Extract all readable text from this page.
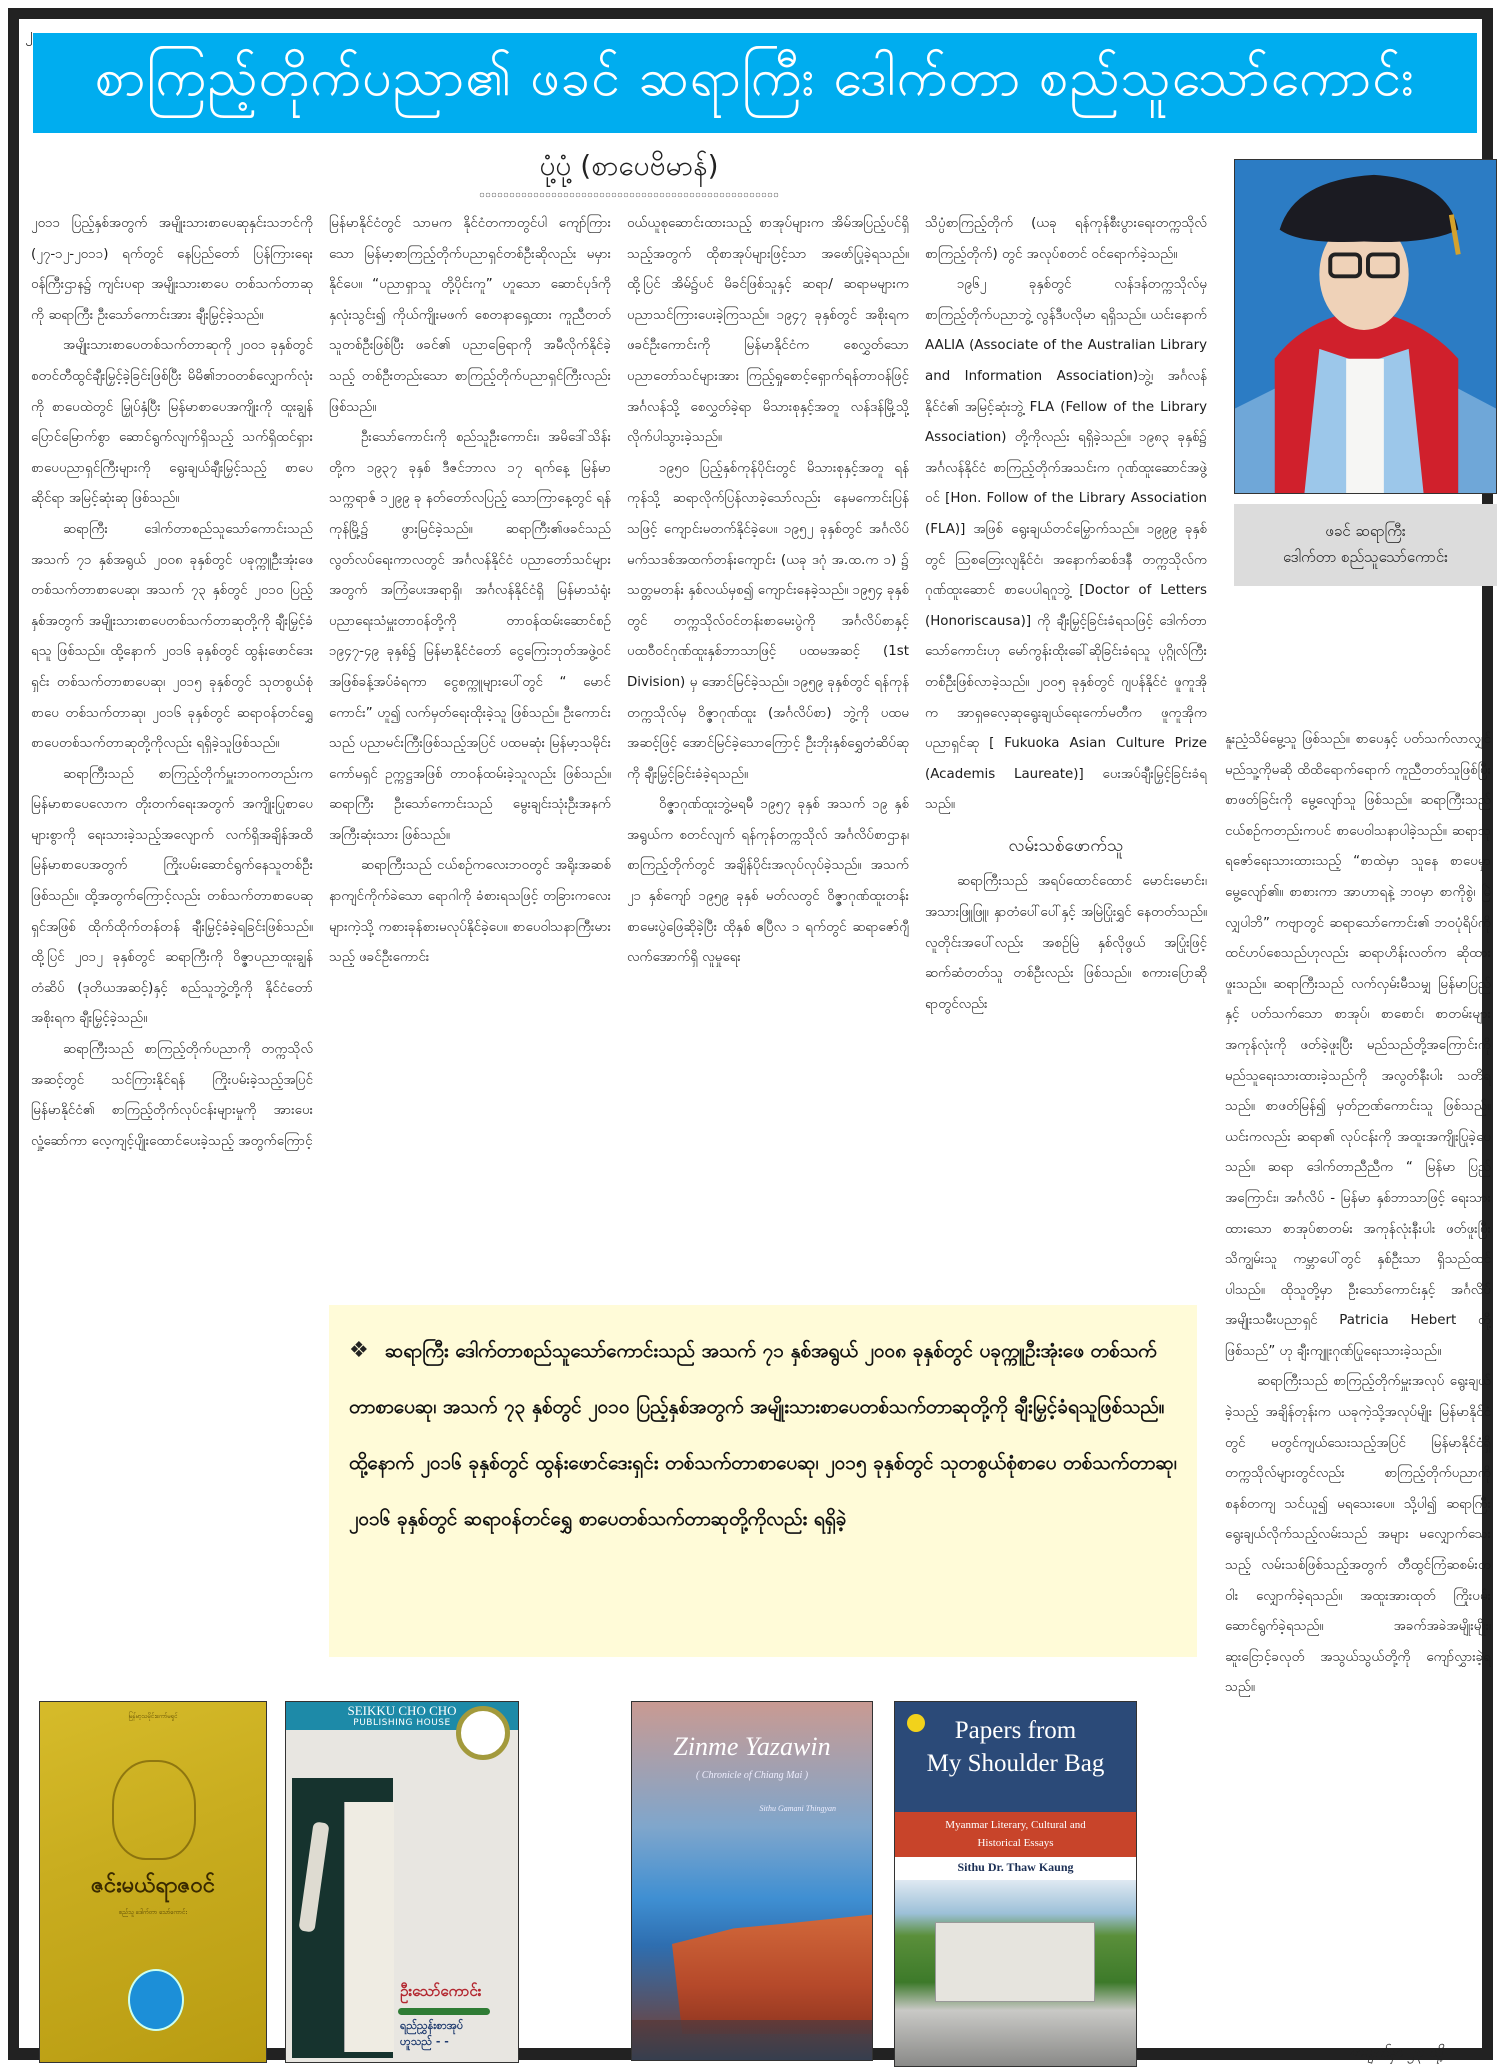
၂
စာကြည့်တိုက်ပညာ၏ ဖခင် ဆရာကြီး ဒေါက်တာ စည်သူသော်ကောင်း
ပုံ့ပုံ့ (စာပေဗိမာန်)

၂၀၁၁ ပြည့်နှစ်အတွက် အမျိုးသားစာပေဆုနှင်းသဘင်ကို (၂၇-၁၂-၂၀၁၁) ရက်တွင် နေပြည်တော် ပြန်ကြားရေးဝန်ကြီးဌာန၌ ကျင်းပရာ အမျိုးသားစာပေ တစ်သက်တာဆုကို ဆရာကြီး ဦးသော်ကောင်းအား ချီးမြှင့်ခဲ့သည်။

အမျိုးသားစာပေတစ်သက်တာဆုကို ၂၀၀၁ ခုနှစ်တွင် စတင်တီထွင်ချီးမြှင့်ခဲ့ခြင်းဖြစ်ပြီး မိမိ၏ဘဝတစ်လျှောက်လုံးကို စာပေထဲတွင် မြှုပ်နှံပြီး မြန်မာစာပေအကျိုးကို ထူးချွန်ပြောင်မြောက်စွာ ဆောင်ရွက်လျက်ရှိသည့် သက်ရှိထင်ရှား စာပေပညာရှင်ကြီးများကို ရွေးချယ်ချီးမြှင့်သည့် စာပေဆိုင်ရာ အမြင့်ဆုံးဆု ဖြစ်သည်။

ဆရာကြီး ဒေါက်တာစည်သူသော်ကောင်းသည် အသက် ၇၁ နှစ်အရွယ် ၂၀၀၈ ခုနှစ်တွင် ပခုက္ကူဦးအုံးဖေ တစ်သက်တာစာပေဆု၊ အသက် ၇၃ နှစ်တွင် ၂၀၁၀ ပြည့်နှစ်အတွက် အမျိုးသားစာပေတစ်သက်တာဆုတို့ကို ချီးမြှင့်ခံရသူ ဖြစ်သည်။ ထို့နောက် ၂၀၁၆ ခုနှစ်တွင် ထွန်းဖောင်ဒေးရှင်း တစ်သက်တာစာပေဆု၊ ၂၀၁၅ ခုနှစ်တွင် သုတစွယ်စုံစာပေ တစ်သက်တာဆု၊ ၂၀၁၆ ခုနှစ်တွင် ဆရာဝန်တင်ရွှေ စာပေတစ်သက်တာဆုတို့ကိုလည်း ရရှိခဲ့သူဖြစ်သည်။

ဆရာကြီးသည် စာကြည့်တိုက်မှူးဘဝကတည်းက မြန်မာစာပေလောက တိုးတက်ရေးအတွက် အကျိုးပြုစာပေများစွာကို ရေးသားခဲ့သည့်အလျောက် လက်ရှိအချိန်အထိ မြန်မာစာပေအတွက် ကြိုးပမ်းဆောင်ရွက်နေသူတစ်ဦး ဖြစ်သည်။ ထို့အတွက်ကြောင့်လည်း တစ်သက်တာစာပေဆုရှင်အဖြစ် ထိုက်ထိုက်တန်တန် ချီးမြှင့်ခံခဲ့ရခြင်းဖြစ်သည်။ ထို့ပြင် ၂၀၁၂ ခုနှစ်တွင် ဆရာကြီးကို ဝိဇ္ဇာပညာထူးချွန်တံဆိပ် (ဒုတိယအဆင့်)နှင့် စည်သူဘွဲ့တို့ကို နိုင်ငံတော်အစိုးရက ချီးမြှင့်ခဲ့သည်။

ဆရာကြီးသည် စာကြည့်တိုက်ပညာကို တက္ကသိုလ်အဆင့်တွင် သင်ကြားနိုင်ရန် ကြိုးပမ်းခဲ့သည့်အပြင် မြန်မာနိုင်ငံ၏ စာကြည့်တိုက်လုပ်ငန်းများမှုကို အားပေးလှုံ့ဆော်ကာ လေ့ကျင့်ပျိုးထောင်ပေးခဲ့သည့် အတွက်ကြောင့်

မြန်မာနိုင်ငံတွင် သာမက နိုင်ငံတကာတွင်ပါ ကျော်ကြားသော မြန်မာ့စာကြည့်တိုက်ပညာရှင်တစ်ဦးဆိုလည်း မမှားနိုင်ပေ။ “ပညာရှာသူ တို့ပိုင်းကူ” ဟူသော ဆောင်ပုဒ်ကို နှလုံးသွင်း၍ ကိုယ်ကျိုးမဖက် စေတနာရှေ့ထား ကူညီတတ်သူတစ်ဦးဖြစ်ပြီး ဖခင်၏ ပညာဓြေရာကို အမီလိုက်နိုင်ခဲ့သည့် တစ်ဦးတည်းသော စာကြည့်တိုက်ပညာရှင်ကြီးလည်း ဖြစ်သည်။

ဦးသော်ကောင်းကို စည်သူဦးကောင်း၊ အမိဒေါ်သိန်းတို့က ၁၉၃၇ ခုနှစ် ဒီဇင်ဘာလ ၁၇ ရက်နေ့ မြန်မာသက္ကရာဇ် ၁၂၉၉ ခု နတ်တော်လပြည့် သောကြာနေ့တွင် ရန်ကုန်မြို့၌ ဖွားမြင်ခဲ့သည်။ ဆရာကြီး၏ဖခင်သည် လွတ်လပ်ရေးကာလတွင် အင်္ဂလန်နိုင်ငံ ပညာတော်သင်များအတွက် အကြံပေးအရာရှိ၊ အင်္ဂလန်နိုင်ငံရှိ မြန်မာသံရုံးပညာရေးသံမှူးတာဝန်တို့ကို တာဝန်ထမ်းဆောင်စဉ် ၁၉၄၇-၄၉ ခုနှစ်၌ မြန်မာနိုင်ငံတော် ငွေကြေးဘုတ်အဖွဲ့ဝင်အဖြစ်ခန့်အပ်ခံရကာ ငွေစက္ကူများပေါ်တွင် “ မောင်ကောင်း” ဟူ၍ လက်မှတ်ရေးထိုးခဲ့သူ ဖြစ်သည်။ ဦးကောင်းသည် ပညာမင်းကြီးဖြစ်သည့်အပြင် ပထမဆုံး မြန်မာ့သမိုင်းကော်မရှင် ဥက္ကဋ္ဌအဖြစ် တာဝန်ထမ်းခဲ့သူလည်း ဖြစ်သည်။ ဆရာကြီး ဦးသော်ကောင်းသည် မွေးချင်းသုံးဦးအနက် အကြီးဆုံးသား ဖြစ်သည်။

ဆရာကြီးသည် ငယ်စဉ်ကလေးဘဝတွင် အရိုးအဆစ် နာကျင်ကိုက်ခဲသော ရောဂါကို ခံစားရသဖြင့် တခြားကလေးများကဲ့သို့ ကစားခုန်စားမလုပ်နိုင်ခဲ့ပေ။ စာပေဝါသနာကြီးမားသည့် ဖခင်ဦးကောင်း

ဝယ်ယူစုဆောင်းထားသည့် စာအုပ်များက အိမ်အပြည့်ပင်ရှိသည့်အတွက် ထိုစာအုပ်များဖြင့်သာ အဖော်ပြုခဲ့ရသည်။ ထို့ပြင် အိမ်၌ပင် မိခင်ဖြစ်သူနှင့် ဆရာ/ ဆရာမများက ပညာသင်ကြားပေးခဲ့ကြသည်။ ၁၉၄၇ ခုနှစ်တွင် အစိုးရက ဖခင်ဦးကောင်းကို မြန်မာနိုင်ငံက စေလွှတ်သော ပညာတော်သင်များအား ကြည့်ရှုစောင့်ရှောက်ရန်တာဝန်ဖြင့် အင်္ဂလန်သို့ စေလွှတ်ခဲ့ရာ မိသားစုနှင့်အတူ လန်ဒန်မြို့သို့ လိုက်ပါသွားခဲ့သည်။

၁၉၅၀ ပြည့်နှစ်ကုန်ပိုင်းတွင် မိသားစုနှင့်အတူ ရန်ကုန်သို့ ဆရာလိုက်ပြန်လာခဲ့သော်လည်း နေမကောင်းပြန်သဖြင့် ကျောင်းမတက်နိုင်ခဲ့ပေ။ ၁၉၅၂ ခုနှစ်တွင် အင်္ဂလိပ်မက်သဒစ်အထက်တန်းကျောင်း (ယခု ဒဂုံ အ.ထ.က ၁) ၌ သတ္တမတန်း နှစ်လယ်မှစ၍ ကျောင်းနေခဲ့သည်။ ၁၉၅၄ ခုနှစ်တွင် တက္ကသိုလ်ဝင်တန်းစာမေးပွဲကို အင်္ဂလိပ်စာနှင့် ပထဝီဝင်ဂုဏ်ထူးနှစ်ဘာသာဖြင့် ပထမအဆင့် (1st Division) မှ အောင်မြင်ခဲ့သည်။ ၁၉၅၉ ခုနှစ်တွင် ရန်ကုန်တက္ကသိုလ်မှ ဝိဇ္ဇာဂုဏ်ထူး (အင်္ဂလိပ်စာ) ဘွဲ့ကို ပထမအဆင့်ဖြင့် အောင်မြင်ခဲ့သောကြောင့် ဦးဘိုးနှစ်ရွှေတံဆိပ်ဆုကို ချီးမြှင့်ခြင်းခံခဲ့ရသည်။

ဝိဇ္ဇာဂုဏ်ထူးဘွဲ့မရမီ ၁၉၅၇ ခုနှစ် အသက် ၁၉ နှစ်အရွယ်က စတင်လျက် ရန်ကုန်တက္ကသိုလ် အင်္ဂလိပ်စာဌာန၊ စာကြည့်တိုက်တွင် အချိန်ပိုင်းအလုပ်လုပ်ခဲ့သည်။ အသက် ၂၁ နှစ်ကျော် ၁၉၅၉ ခုနှစ် မတ်လတွင် ဝိဇ္ဇာဂုဏ်ထူးတန်း စာမေးပွဲဖြေဆိုခဲ့ပြီး ထိုနှစ် ဧပြီလ ၁ ရက်တွင် ဆရာဇော်ဂျီလက်အောက်ရှိ လူမှုရေး

သိပ္ပံစာကြည့်တိုက် (ယခု ရန်ကုန်စီးပွားရေးတက္ကသိုလ် စာကြည့်တိုက်) တွင် အလုပ်စတင် ဝင်ရောက်ခဲ့သည်။

၁၉၆၂ ခုနှစ်တွင် လန်ဒန်တက္ကသိုလ်မှ စာကြည့်တိုက်ပညာဘွဲ့ လွန်ဒီပလိုမာ ရရှိသည်။ ယင်းနောက် AALIA (Associate of the Australian Library and Information Association)ဘွဲ့၊ အင်္ဂလန်နိုင်ငံ၏ အမြင့်ဆုံးဘွဲ့ FLA (Fellow of the Library Association) တို့ကိုလည်း ရရှိခဲ့သည်။ ၁၉၈၃ ခုနှစ်၌ အင်္ဂလန်နိုင်ငံ စာကြည့်တိုက်အသင်းက ဂုဏ်ထူးဆောင်အဖွဲ့ဝင် [Hon. Follow of the Library Association (FLA)] အဖြစ် ရွေးချယ်တင်မြှောက်သည်။ ၁၉၉၉ ခုနှစ်တွင် သြစတြေးလျနိုင်ငံ၊ အနောက်ဆစ်ဒနီ တက္ကသိုလ်က ဂုဏ်ထူးဆောင် စာပေပါရဂူဘွဲ့ [Doctor of Letters (Honoriscausa)] ကို ချီးမြှင့်ခြင်းခံရသဖြင့် ဒေါက်တာသော်ကောင်းဟု မော်ကွန်းထိုးခေါ်ဆိုခြင်းခံရသူ ပုဂ္ဂိုလ်ကြီးတစ်ဦးဖြစ်လာခဲ့သည်။ ၂၀၀၅ ခုနှစ်တွင် ဂျပန်နိုင်ငံ ဖူကူအိုက အာရှဓလေ့ဆုရွေးချယ်ရေးကော်မတီက ဖူကူအိုက ပညာရှင်ဆု [ Fukuoka Asian Culture Prize (Academis Laureate)] ပေးအပ်ချီးမြှင့်ခြင်းခံရသည်။

လမ်းသစ်ဖောက်သူ

ဆရာကြီးသည် အရပ်ထောင်ထောင် မောင်းမောင်း၊ အသားဖြူဖြူ၊ နှာတံပေါ်ပေါ်နှင့် အမြဲပြုံးရွှင် နေတတ်သည်။ လူတိုင်းအပေါ်လည်း အစဉ်မြဲ နှစ်လိုဖွယ် အပြုံးဖြင့် ဆက်ဆံတတ်သူ တစ်ဦးလည်း ဖြစ်သည်။ စကားပြောဆိုရာတွင်လည်း

နူးညံ့သိမ်မွေ့သူ ဖြစ်သည်။ စာပေနှင့် ပတ်သက်လာလျှင် မည်သူ့ကိုမဆို ထိထိရောက်ရောက် ကူညီတတ်သူဖြစ်ပြီး စာဖတ်ခြင်းကို မွေ့လျော်သူ ဖြစ်သည်။ ဆရာကြီးသည် ငယ်စဉ်ကတည်းကပင် စာပေဝါသနာပါခဲ့သည်။ ဆရာသုရဇော်ရေးသားထားသည့် “စာထဲမှာ သူနေ စာပေမှာ မွေ့လျော်၏။ စာစားကာ အာဟာရနဲ့ ဘဝမှာ စာကိုစွဲ၊ မြဲလျှပါဘိ” ကဗျာတွင် ဆရာသော်ကောင်း၏ ဘဝပုံရိပ်ကို ထင်ဟပ်စေသည်ဟုလည်း ဆရာဟိန်းလတ်က ဆိုထားဖူးသည်။ ဆရာကြီးသည် လက်လှမ်းမီသမျှ မြန်မာပြည်နှင့် ပတ်သက်သော စာအုပ်၊ စာစောင်၊ စာတမ်းများ အကုန်လုံးကို ဖတ်ခဲ့ဖူးပြီး မည်သည်တို့အကြောင်းကို မည်သူရေးသားထားခဲ့သည်ကို အလွတ်နီးပါး သတိရသည်။ စာဖတ်မြန်၍ မှတ်ဉာဏ်ကောင်းသူ ဖြစ်သည်။ ယင်းကလည်း ဆရာ၏ လုပ်ငန်းကို အထူးအကျိုးပြုခဲ့ပေသည်။ ဆရာ ဒေါက်တာညီညီက “ မြန်မာ ပြည်အကြောင်း၊ အင်္ဂလိပ် - မြန်မာ နှစ်ဘာသာဖြင့် ရေးသားထားသော စာအုပ်စာတမ်း အကုန်လုံးနီးပါး ဖတ်ဖူးပြီး သိကျွမ်းသူ ကမ္ဘာပေါ်တွင် နှစ်ဦးသာ ရှိသည်ထင်ပါသည်။ ထိုသူတို့မှာ ဦးသော်ကောင်းနှင့် အင်္ဂလိပ်အမျိုးသမီးပညာရှင် Patricia Hebert တို့ ဖြစ်သည်” ဟု ချီးကျူးဂုဏ်ပြုရေးသားခဲ့သည်။

ဆရာကြီးသည် စာကြည့်တိုက်မှူးအလုပ် ရွေးချယ်ခဲ့သည့် အချိန်တုန်းက ယခုကဲ့သို့အလုပ်မျိုး မြန်မာနိုင်ငံတွင် မတွင်ကျယ်သေးသည့်အပြင် မြန်မာနိုင်ငံရှိ တက္ကသိုလ်များတွင်လည်း စာကြည့်တိုက်ပညာကို စနစ်တကျ သင်ယူ၍ မရသေးပေ။ သို့ပါ၍ ဆရာကြီး ရွေးချယ်လိုက်သည့်လမ်းသည် အများ မလျှောက်သေးသည့် လမ်းသစ်ဖြစ်သည့်အတွက် တီထွင်ကြံဆစမ်းတဝါး လျှောက်ခဲ့ရသည်။ အထူးအားထုတ် ကြိုးပမ်းဆောင်ရွက်ခဲ့ရသည်။ အခက်အခဲအမျိုးမျိုး၊ ဆူးငြောင့်ခလုတ် အသွယ်သွယ်တို့ကို ကျော်လွှားခဲ့ရသည်။

ဖခင် ဆရာကြီး
ဒေါက်တာ စည်သူသော်ကောင်း
❖ ဆရာကြီး ဒေါက်တာစည်သူသော်ကောင်းသည် အသက် ၇၁ နှစ်အရွယ် ၂၀၀၈ ခုနှစ်တွင် ပခုက္ကူဦးအုံးဖေ တစ်သက်တာစာပေဆု၊ အသက် ၇၃ နှစ်တွင် ၂၀၁၀ ပြည့်နှစ်အတွက် အမျိုးသားစာပေတစ်သက်တာဆုတို့ကို ချီးမြှင့်ခံရသူဖြစ်သည်။ ထို့နောက် ၂၀၁၆ ခုနှစ်တွင် ထွန်းဖောင်ဒေးရှင်း တစ်သက်တာစာပေဆု၊ ၂၀၁၅ ခုနှစ်တွင် သုတစွယ်စုံစာပေ တစ်သက်တာဆု၊ ၂၀၁၆ ခုနှစ်တွင် ဆရာဝန်တင်ရွှေ စာပေတစ်သက်တာဆုတို့ကိုလည်း ရရှိခဲ့
မြန်မာ့သမိုင်းကော်မရှင်
ဇင်းမယ်ရာဇဝင်
စည်သူ ဒေါက်တာ သော်ကောင်း
SEIKKU CHO CHO
PUBLISHING HOUSE
ဦးသော်ကောင်း
ရည်ညွှန်းစာအုပ်
ဟူသည် - -
Zinme Yazawin
( Chronicle of Chiang Mai )
Sithu Gamani Thingyan
Papers from
My Shoulder Bag
Myanmar Literary, Cultural and
Historical Essays
Sithu Dr. Thaw Kaung
စာမျက်နှာ ၂၃ သို့
